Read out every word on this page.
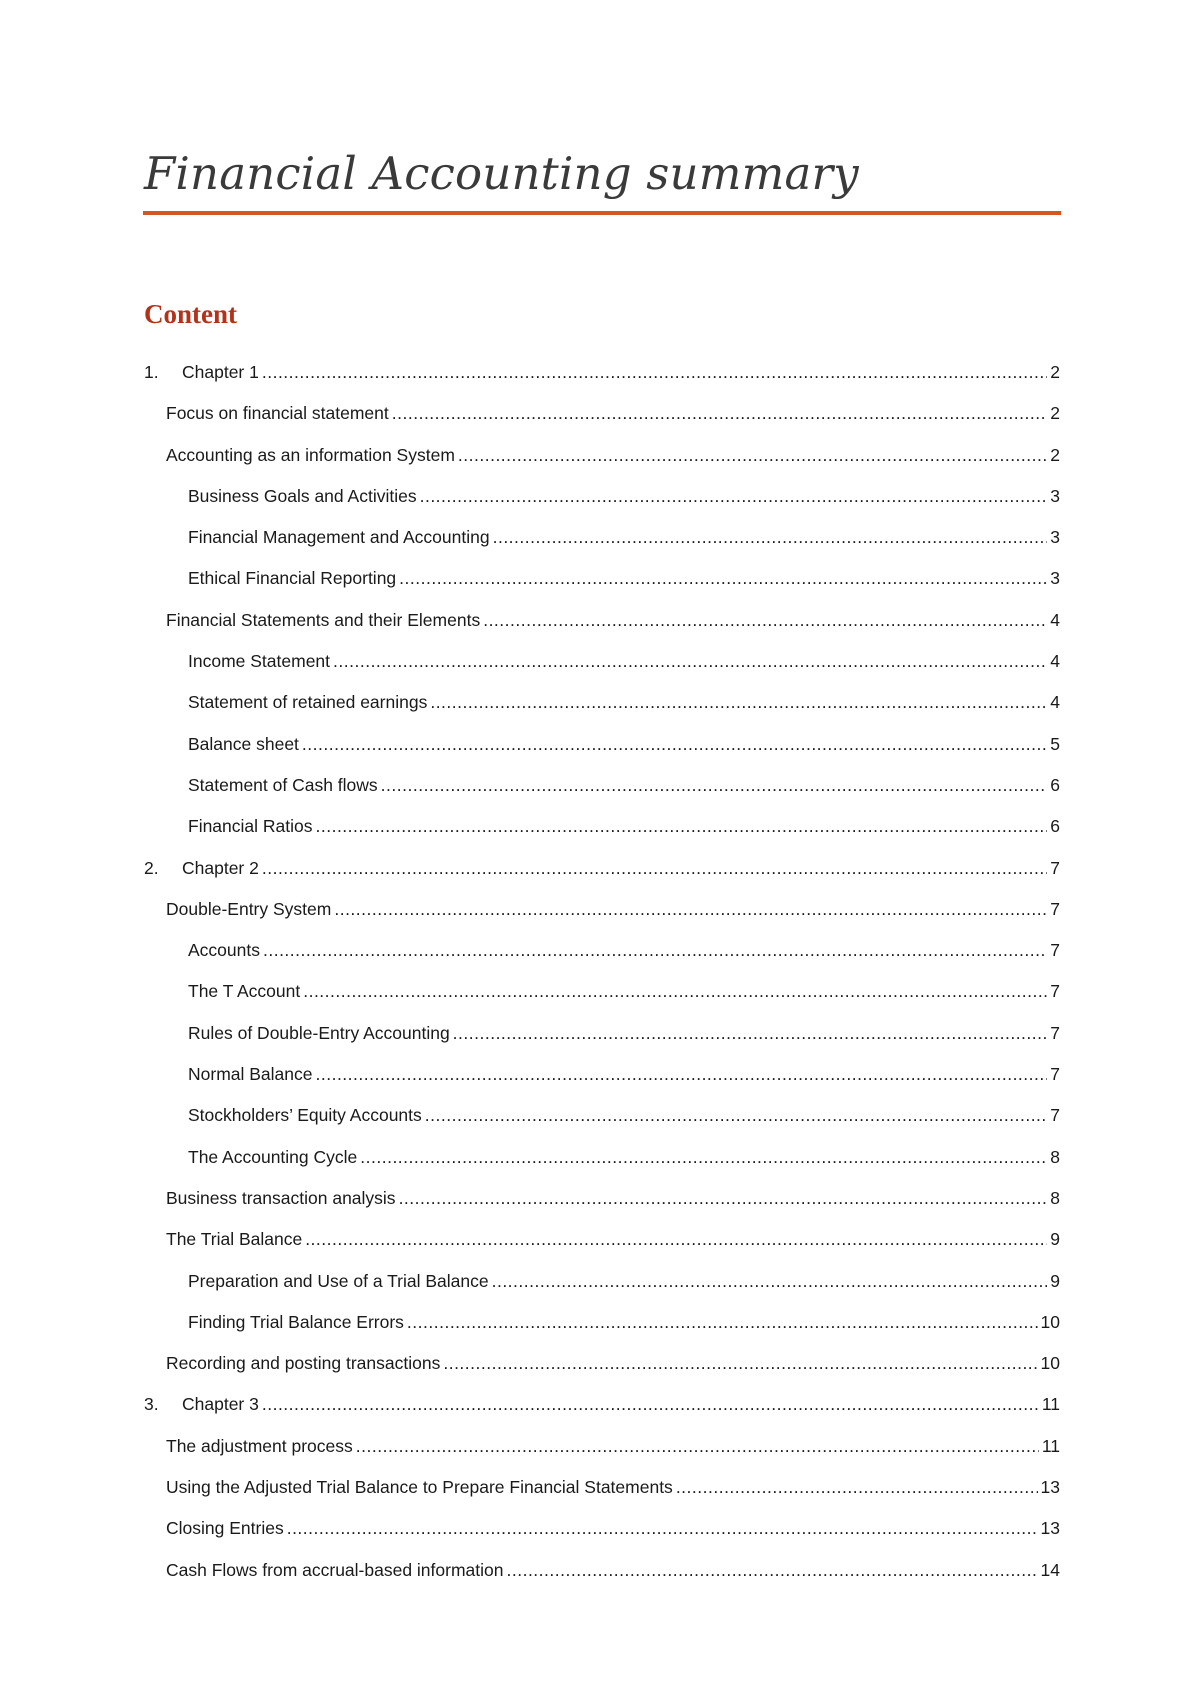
Financial Accounting summary
Content
1.	Chapter 1 .....	2
Focus on financial statement .....	2
Accounting as an information System .....	2
Business Goals and Activities .....	3
Financial Management and Accounting .....	3
Ethical Financial Reporting .....	3
Financial Statements and their Elements .....	4
Income Statement .....	4
Statement of retained earnings .....	4
Balance sheet .....	5
Statement of Cash flows .....	6
Financial Ratios .....	6
2.	Chapter 2 .....	7
Double-Entry System .....	7
Accounts .....	7
The T Account .....	7
Rules of Double-Entry Accounting .....	7
Normal Balance .....	7
Stockholders’ Equity Accounts .....	7
The Accounting Cycle .....	8
Business transaction analysis .....	8
The Trial Balance .....	9
Preparation and Use of a Trial Balance .....	9
Finding Trial Balance Errors .....	10
Recording and posting transactions .....	10
3.	Chapter 3 .....	11
The adjustment process .....	11
Using the Adjusted Trial Balance to Prepare Financial Statements .....	13
Closing Entries .....	13
Cash Flows from accrual-based information .....	14
